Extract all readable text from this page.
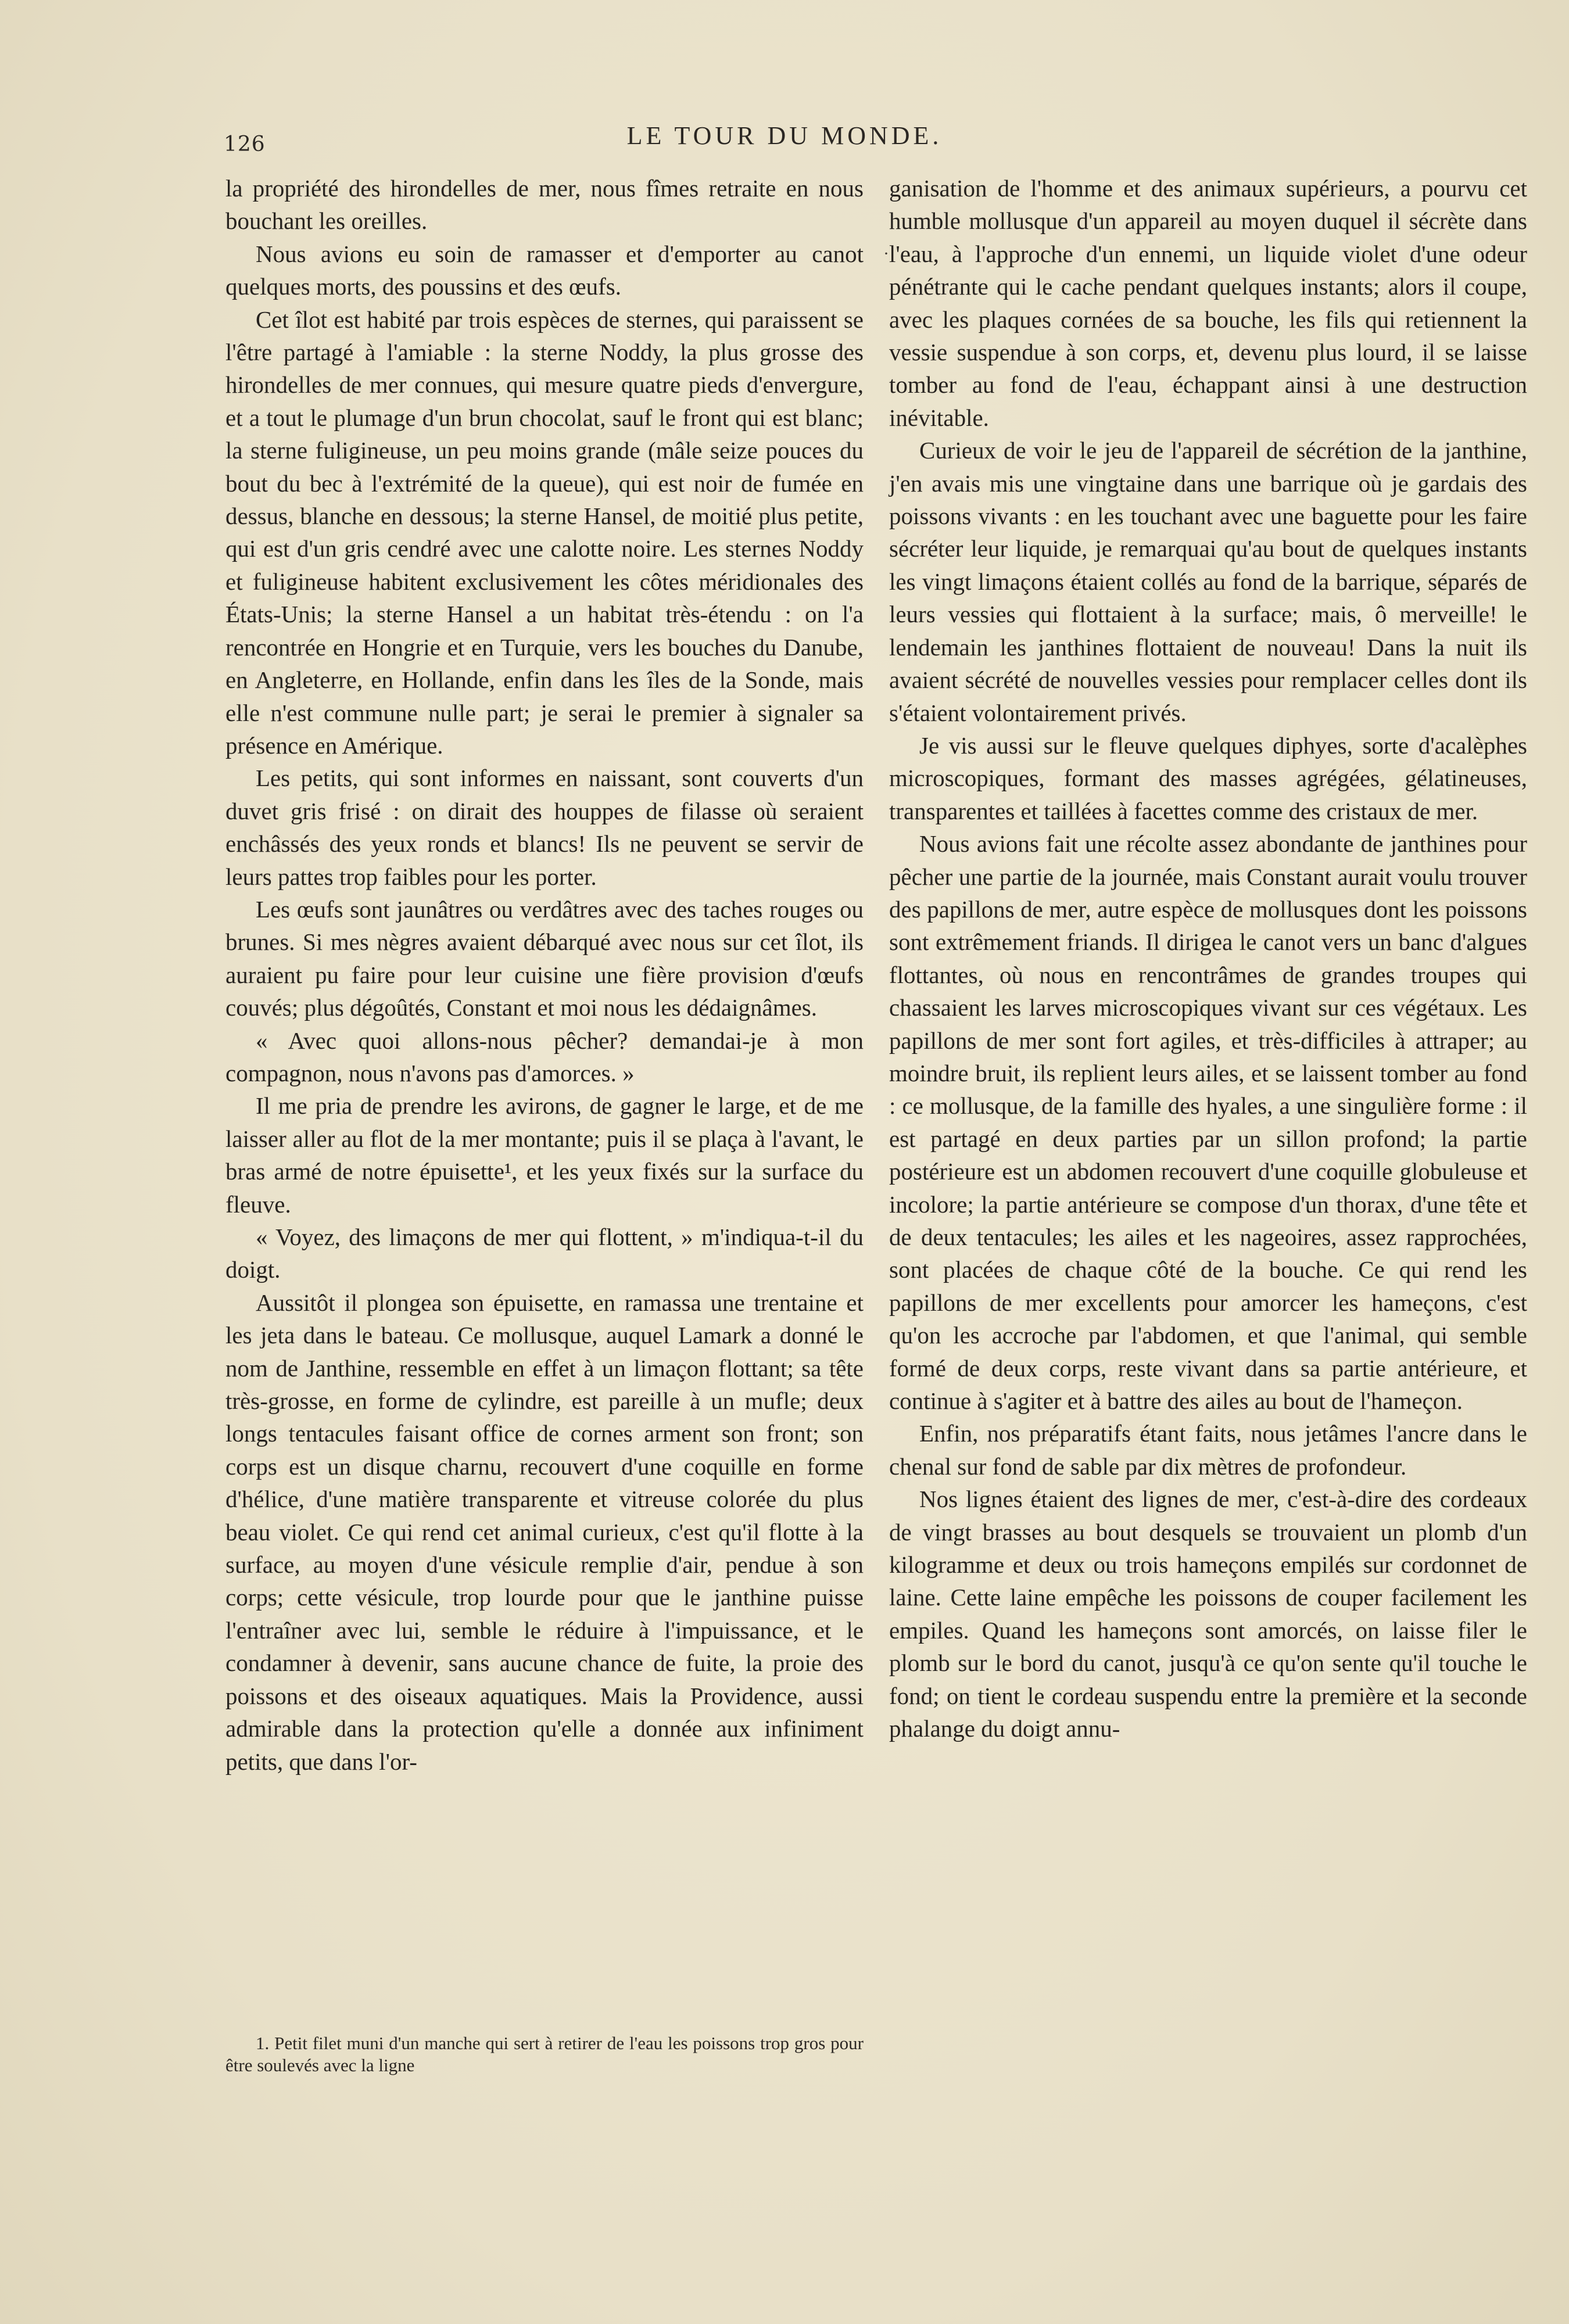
126	LE TOUR DU MONDE.

la propriété des hirondelles de mer, nous fîmes retraite en nous bouchant les oreilles.

Nous avions eu soin de ramasser et d'emporter au canot quelques morts, des poussins et des œufs.

Cet îlot est habité par trois espèces de sternes, qui paraissent se l'être partagé à l'amiable : la sterne Noddy, la plus grosse des hirondelles de mer connues, qui mesure quatre pieds d'envergure, et a tout le plumage d'un brun chocolat, sauf le front qui est blanc; la sterne fuligineuse, un peu moins grande (mâle seize pouces du bout du bec à l'extrémité de la queue), qui est noir de fumée en dessus, blanche en dessous; la sterne Hansel, de moitié plus petite, qui est d'un gris cendré avec une calotte noire. Les sternes Noddy et fuligineuse habitent exclusivement les côtes méridionales des États-Unis; la sterne Hansel a un habitat très-étendu : on l'a rencontrée en Hongrie et en Turquie, vers les bouches du Danube, en Angleterre, en Hollande, enfin dans les îles de la Sonde, mais elle n'est commune nulle part; je serai le premier à signaler sa présence en Amérique.

Les petits, qui sont informes en naissant, sont couverts d'un duvet gris frisé : on dirait des houppes de filasse où seraient enchâssés des yeux ronds et blancs! Ils ne peuvent se servir de leurs pattes trop faibles pour les porter.

Les œufs sont jaunâtres ou verdâtres avec des taches rouges ou brunes. Si mes nègres avaient débarqué avec nous sur cet îlot, ils auraient pu faire pour leur cuisine une fière provision d'œufs couvés; plus dégoûtés, Constant et moi nous les dédaignâmes.

« Avec quoi allons-nous pêcher? demandai-je à mon compagnon, nous n'avons pas d'amorces. »

Il me pria de prendre les avirons, de gagner le large, et de me laisser aller au flot de la mer montante; puis il se plaça à l'avant, le bras armé de notre épuisette¹, et les yeux fixés sur la surface du fleuve.

« Voyez, des limaçons de mer qui flottent, » m'indiqua-t-il du doigt.

Aussitôt il plongea son épuisette, en ramassa une trentaine et les jeta dans le bateau. Ce mollusque, auquel Lamark a donné le nom de Janthine, ressemble en effet à un limaçon flottant; sa tête très-grosse, en forme de cylindre, est pareille à un mufle; deux longs tentacules faisant office de cornes arment son front; son corps est un disque charnu, recouvert d'une coquille en forme d'hélice, d'une matière transparente et vitreuse colorée du plus beau violet. Ce qui rend cet animal curieux, c'est qu'il flotte à la surface, au moyen d'une vésicule remplie d'air, pendue à son corps; cette vésicule, trop lourde pour que le janthine puisse l'entraîner avec lui, semble le réduire à l'impuissance, et le condamner à devenir, sans aucune chance de fuite, la proie des poissons et des oiseaux aquatiques. Mais la Providence, aussi admirable dans la protection qu'elle a donnée aux infiniment petits, que dans l'or-

ganisation de l'homme et des animaux supérieurs, a pourvu cet humble mollusque d'un appareil au moyen duquel il sécrète dans l'eau, à l'approche d'un ennemi, un liquide violet d'une odeur pénétrante qui le cache pendant quelques instants; alors il coupe, avec les plaques cornées de sa bouche, les fils qui retiennent la vessie suspendue à son corps, et, devenu plus lourd, il se laisse tomber au fond de l'eau, échappant ainsi à une destruction inévitable.

Curieux de voir le jeu de l'appareil de sécrétion de la janthine, j'en avais mis une vingtaine dans une barrique où je gardais des poissons vivants : en les touchant avec une baguette pour les faire sécréter leur liquide, je remarquai qu'au bout de quelques instants les vingt limaçons étaient collés au fond de la barrique, séparés de leurs vessies qui flottaient à la surface; mais, ô merveille! le lendemain les janthines flottaient de nouveau! Dans la nuit ils avaient sécrété de nouvelles vessies pour remplacer celles dont ils s'étaient volontairement privés.

Je vis aussi sur le fleuve quelques diphyes, sorte d'acalèphes microscopiques, formant des masses agrégées, gélatineuses, transparentes et taillées à facettes comme des cristaux de mer.

Nous avions fait une récolte assez abondante de janthines pour pêcher une partie de la journée, mais Constant aurait voulu trouver des papillons de mer, autre espèce de mollusques dont les poissons sont extrêmement friands. Il dirigea le canot vers un banc d'algues flottantes, où nous en rencontrâmes de grandes troupes qui chassaient les larves microscopiques vivant sur ces végétaux. Les papillons de mer sont fort agiles, et très-difficiles à attraper; au moindre bruit, ils replient leurs ailes, et se laissent tomber au fond : ce mollusque, de la famille des hyales, a une singulière forme : il est partagé en deux parties par un sillon profond; la partie postérieure est un abdomen recouvert d'une coquille globuleuse et incolore; la partie antérieure se compose d'un thorax, d'une tête et de deux tentacules; les ailes et les nageoires, assez rapprochées, sont placées de chaque côté de la bouche. Ce qui rend les papillons de mer excellents pour amorcer les hameçons, c'est qu'on les accroche par l'abdomen, et que l'animal, qui semble formé de deux corps, reste vivant dans sa partie antérieure, et continue à s'agiter et à battre des ailes au bout de l'hameçon.

Enfin, nos préparatifs étant faits, nous jetâmes l'ancre dans le chenal sur fond de sable par dix mètres de profondeur.

Nos lignes étaient des lignes de mer, c'est-à-dire des cordeaux de vingt brasses au bout desquels se trouvaient un plomb d'un kilogramme et deux ou trois hameçons empilés sur cordonnet de laine. Cette laine empêche les poissons de couper facilement les empiles. Quand les hameçons sont amorcés, on laisse filer le plomb sur le bord du canot, jusqu'à ce qu'on sente qu'il touche le fond; on tient le cordeau suspendu entre la première et la seconde phalange du doigt annu-

1. Petit filet muni d'un manche qui sert à retirer de l'eau les poissons trop gros pour être soulevés avec la ligne

·
